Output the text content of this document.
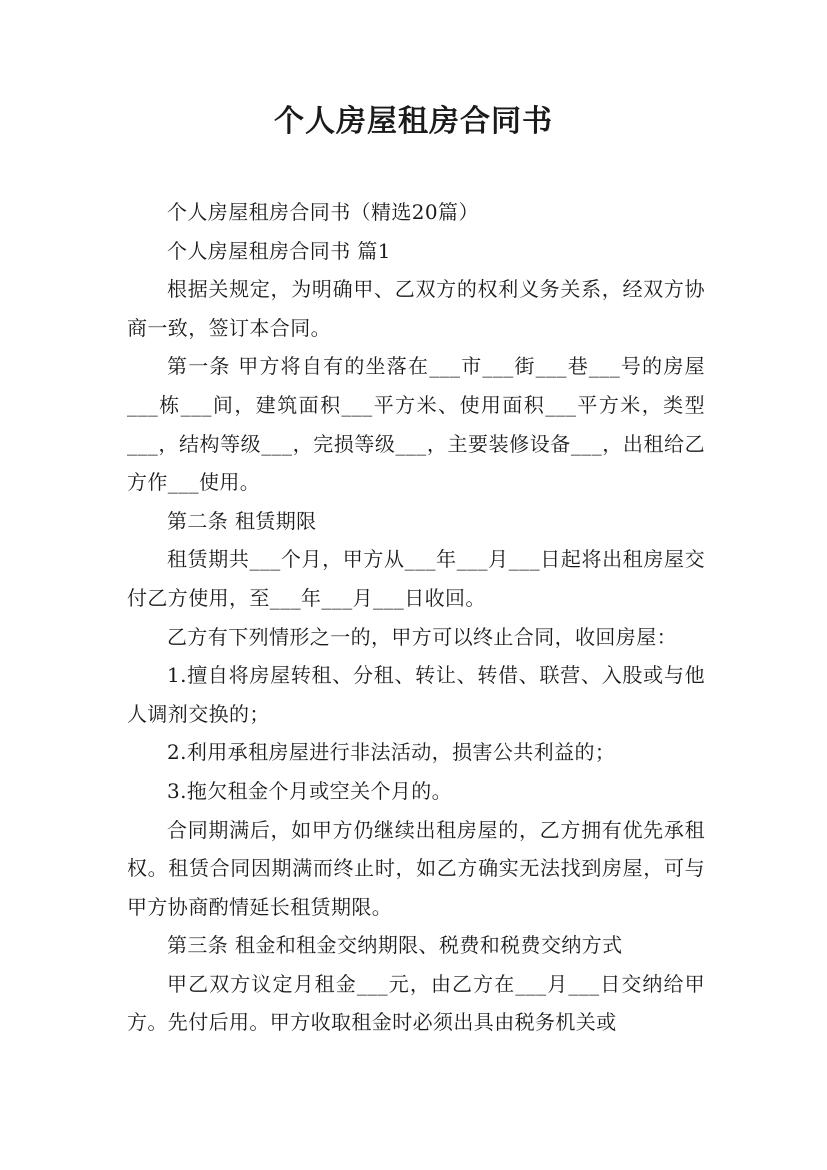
个人房屋租房合同书

个人房屋租房合同书（精选20篇）

个人房屋租房合同书 篇1

根据关规定，为明确甲、乙双方的权利义务关系，经双方协商一致，签订本合同。

第一条 甲方将自有的坐落在___市___街___巷___号的房屋___栋___间，建筑面积___平方米、使用面积___平方米，类型___，结构等级___，完损等级___，主要装修设备___，出租给乙方作___使用。

第二条 租赁期限

租赁期共___个月，甲方从___年___月___日起将出租房屋交付乙方使用，至___年___月___日收回。

乙方有下列情形之一的，甲方可以终止合同，收回房屋：

1.擅自将房屋转租、分租、转让、转借、联营、入股或与他人调剂交换的；

2.利用承租房屋进行非法活动，损害公共利益的；

3.拖欠租金个月或空关个月的。

合同期满后，如甲方仍继续出租房屋的，乙方拥有优先承租权。租赁合同因期满而终止时，如乙方确实无法找到房屋，可与甲方协商酌情延长租赁期限。

第三条 租金和租金交纳期限、税费和税费交纳方式

甲乙双方议定月租金___元，由乙方在___月___日交纳给甲方。先付后用。甲方收取租金时必须出具由税务机关或
